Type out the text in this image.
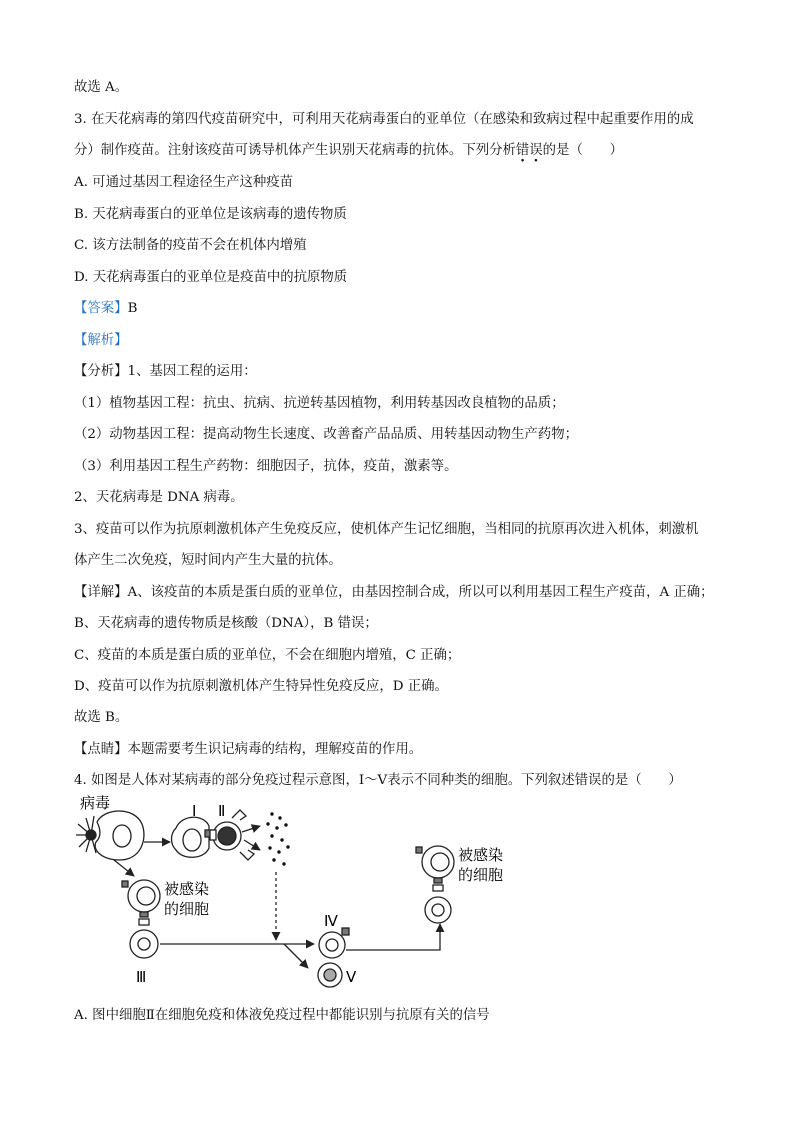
故选 A。
3. 在天花病毒的第四代疫苗研究中，可利用天花病毒蛋白的亚单位（在感染和致病过程中起重要作用的成
分）制作疫苗。注射该疫苗可诱导机体产生识别天花病毒的抗体。下列分析错误的是（　　）
A. 可通过基因工程途径生产这种疫苗
B. 天花病毒蛋白的亚单位是该病毒的遗传物质
C. 该方法制备的疫苗不会在机体内增殖
D. 天花病毒蛋白的亚单位是疫苗中的抗原物质
【答案】B
【解析】
【分析】1、基因工程的运用：
（1）植物基因工程：抗虫、抗病、抗逆转基因植物，利用转基因改良植物的品质；
（2）动物基因工程：提高动物生长速度、改善畜产品品质、用转基因动物生产药物；
（3）利用基因工程生产药物：细胞因子，抗体，疫苗，激素等。
2、天花病毒是 DNA 病毒。
3、疫苗可以作为抗原刺激机体产生免疫反应，使机体产生记忆细胞，当相同的抗原再次进入机体，刺激机
体产生二次免疫，短时间内产生大量的抗体。
【详解】A、该疫苗的本质是蛋白质的亚单位，由基因控制合成，所以可以利用基因工程生产疫苗，A 正确；
B、天花病毒的遗传物质是核酸（DNA），B 错误；
C、疫苗的本质是蛋白质的亚单位，不会在细胞内增殖，C 正确；
D、疫苗可以作为抗原刺激机体产生特异性免疫反应，D 正确。
故选 B。
【点睛】本题需要考生识记病毒的结构，理解疫苗的作用。
4. 如图是人体对某病毒的部分免疫过程示意图，Ⅰ～Ⅴ表示不同种类的细胞。下列叙述错误的是（　　）
病毒	Ⅰ Ⅱ
Ⅲ
Ⅳ
Ⅴ
被感染
的细胞
被感染
的细胞
A. 图中细胞Ⅱ在细胞免疫和体液免疫过程中都能识别与抗原有关的信号
